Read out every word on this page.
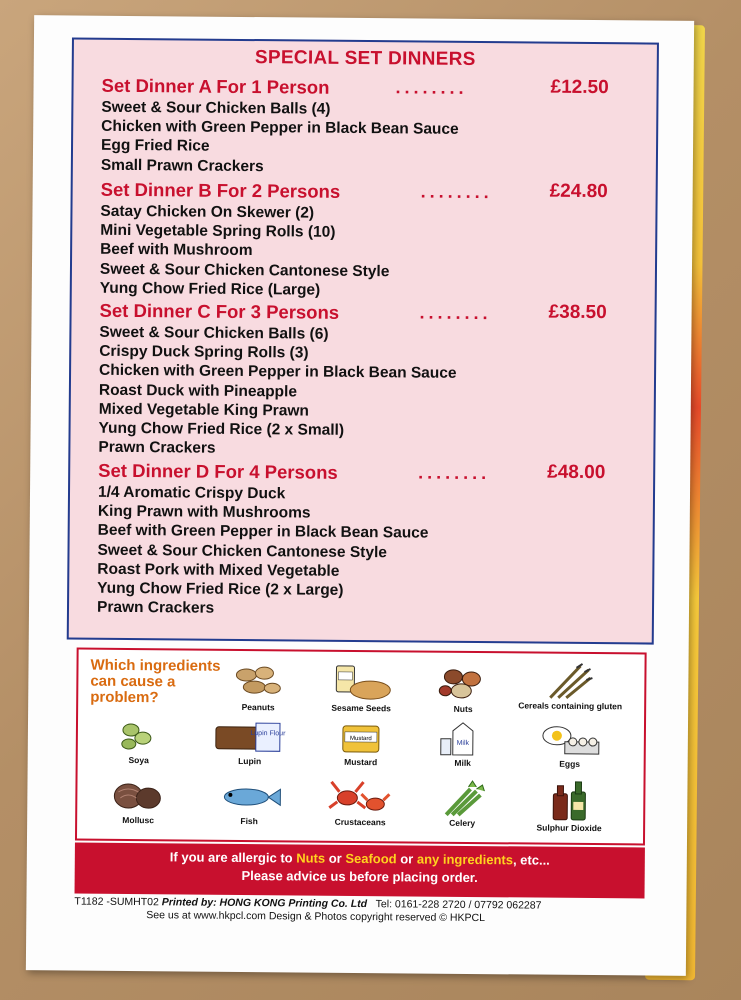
SPECIAL SET DINNERS
Set Dinner A For 1 Person	........	£12.50
Sweet & Sour Chicken Balls (4)
Chicken with Green Pepper in Black Bean Sauce
Egg Fried Rice
Small Prawn Crackers
Set Dinner B For 2 Persons	........	£24.80
Satay Chicken On Skewer (2)
Mini Vegetable Spring Rolls (10)
Beef with Mushroom
Sweet & Sour Chicken Cantonese Style
Yung Chow Fried Rice (Large)
Set Dinner C For 3 Persons	........	£38.50
Sweet & Sour Chicken Balls (6)
Crispy Duck Spring Rolls (3)
Chicken with Green Pepper in Black Bean Sauce
Roast Duck with Pineapple
Mixed Vegetable King Prawn
Yung Chow Fried Rice (2 x Small)
Prawn Crackers
Set Dinner D For 4 Persons	........	£48.00
1/4 Aromatic Crispy Duck
King Prawn with Mushrooms
Beef with Green Pepper in Black Bean Sauce
Sweet & Sour Chicken Cantonese Style
Roast Pork with Mixed Vegetable
Yung Chow Fried Rice (2 x Large)
Prawn Crackers
Which ingredients can cause a problem?
Peanuts	Sesame Seeds	Nuts	Cereals containing gluten
Soya
Lupin Flour
Lupin
Mustard
Mustard
Milk
Milk	Eggs
Mollusc	Fish	Crustaceans	Celery	Sulphur Dioxide
If you are allergic to Nuts or Seafood or any ingredients, etc...
Please advice us before placing order.
T1182 -SUMHT02 Printed by: HONG KONG Printing Co. Ltd Tel: 0161-228 2720 / 07792 062287
See us at www.hkpcl.com Design & Photos copyright reserved © HKPCL
